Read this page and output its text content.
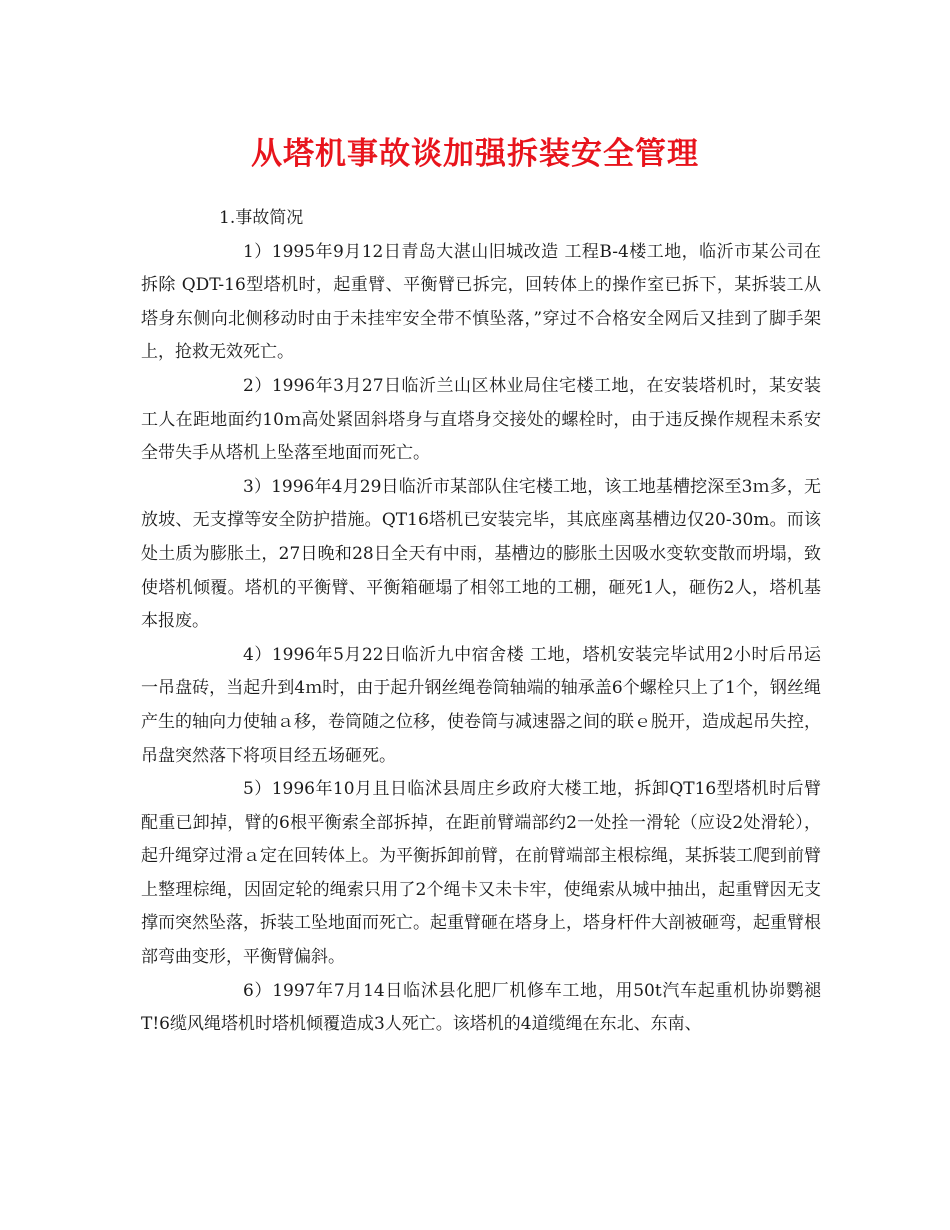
从塔机事故谈加强拆装安全管理

1.事故简况

1）1995年9月12日青岛大湛山旧城改造 工程B-4楼工地，临沂市某公司在拆除 QDT-16型塔机时，起重臂、平衡臂已拆完，回转体上的操作室已拆下，某拆装工从塔身东侧向北侧移动时由于未挂牢安全带不慎坠落，”穿过不合格安全网后又挂到了脚手架上，抢救无效死亡。

2）1996年3月27日临沂兰山区林业局住宅楼工地，在安装塔机时，某安装工人在距地面约10ｍ高处紧固斜塔身与直塔身交接处的螺栓时，由于违反操作规程未系安全带失手从塔机上坠落至地面而死亡。

3）1996年4月29日临沂市某部队住宅楼工地，该工地基槽挖深至3ｍ多，无放坡、无支撑等安全防护措施。QT16塔机已安装完毕，其底座离基槽边仅20-30m。而该处土质为膨胀土，27日晚和28日全天有中雨，基槽边的膨胀土因吸水变软变散而坍塌，致使塔机倾覆。塔机的平衡臂、平衡箱砸塌了相邻工地的工棚，砸死1人，砸伤2人，塔机基本报废。

4）1996年5月22日临沂九中宿舍楼 工地，塔机安装完毕试用2小时后吊运一吊盘砖，当起升到4ｍ时，由于起升钢丝绳卷筒轴端的轴承盖6个螺栓只上了1个，钢丝绳产生的轴向力使轴ａ移，卷筒随之位移，使卷筒与减速器之间的联ｅ脱开，造成起吊失控，吊盘突然落下将项目经五场砸死。

5）1996年10月且日临沭县周庄乡政府大楼工地，拆卸QT16型塔机时后臂配重已卸掉，臂的6根平衡索全部拆掉，在距前臂端部约2一处拴一滑轮（应设2处滑轮），起升绳穿过滑ａ定在回转体上。为平衡拆卸前臂，在前臂端部主根棕绳，某拆装工爬到前臂上整理棕绳，因固定轮的绳索只用了2个绳卡又未卡牢，使绳索从城中抽出，起重臂因无支撑而突然坠落，拆装工坠地面而死亡。起重臂砸在塔身上，塔身杆件大剖被砸弯，起重臂根部弯曲变形，平衡臂偏斜。

6）1997年7月14日临沭县化肥厂机修车工地，用50t汽车起重机协峁鹦褪T!6缆风绳塔机时塔机倾覆造成3人死亡。该塔机的4道缆绳在东北、东南、
